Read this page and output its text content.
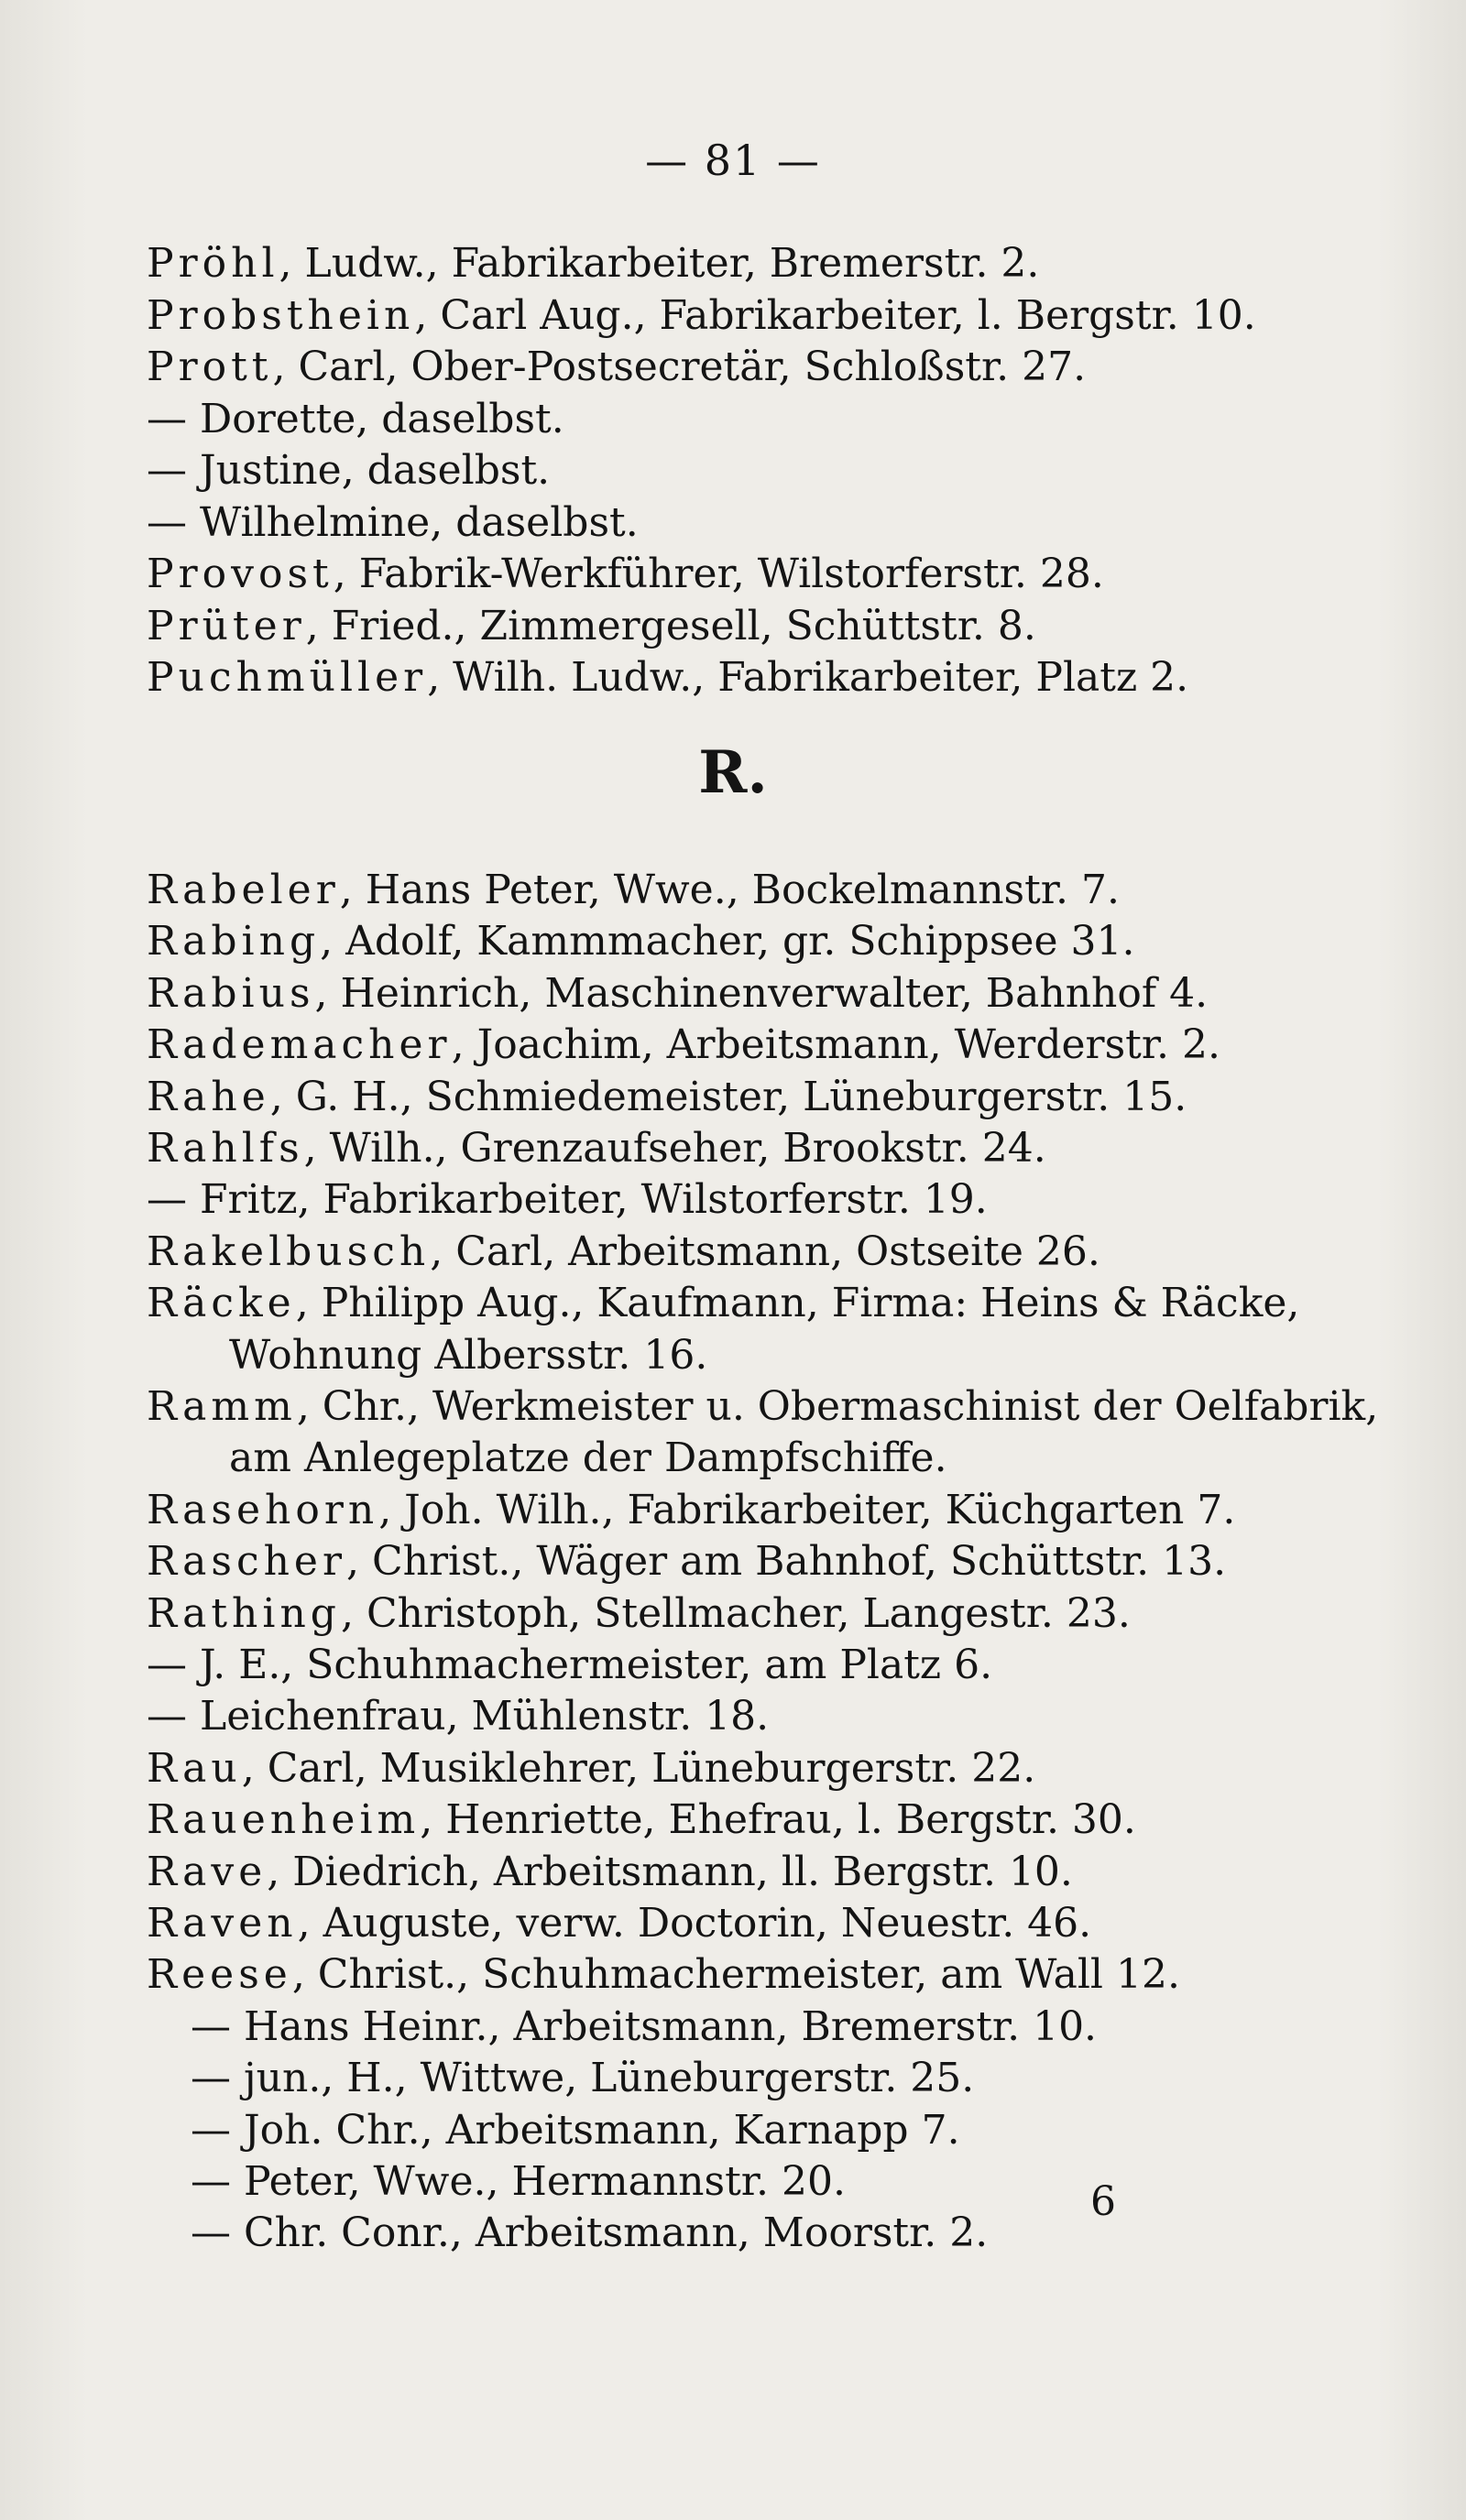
— 81 —
Pröhl, Ludw., Fabrikarbeiter, Bremerstr. 2.
Probsthein, Carl Aug., Fabrikarbeiter, l. Bergstr. 10.
Prott, Carl, Ober-Postsecretär, Schloßstr. 27.
— Dorette, daselbst.
— Justine, daselbst.
— Wilhelmine, daselbst.
Provost, Fabrik-Werkführer, Wilstorferstr. 28.
Prüter, Fried., Zimmergesell, Schüttstr. 8.
Puchmüller, Wilh. Ludw., Fabrikarbeiter, Platz 2.
R.
Rabeler, Hans Peter, Wwe., Bockelmannstr. 7.
Rabing, Adolf, Kammmacher, gr. Schippsee 31.
Rabius, Heinrich, Maschinenverwalter, Bahnhof 4.
Rademacher, Joachim, Arbeitsmann, Werderstr. 2.
Rahe, G. H., Schmiedemeister, Lüneburgerstr. 15.
Rahlfs, Wilh., Grenzaufseher, Brookstr. 24.
— Fritz, Fabrikarbeiter, Wilstorferstr. 19.
Rakelbusch, Carl, Arbeitsmann, Ostseite 26.
Räcke, Philipp Aug., Kaufmann, Firma: Heins & Räcke,
Wohnung Albersstr. 16.
Ramm, Chr., Werkmeister u. Obermaschinist der Oelfabrik,
am Anlegeplatze der Dampfschiffe.
Rasehorn, Joh. Wilh., Fabrikarbeiter, Küchgarten 7.
Rascher, Christ., Wäger am Bahnhof, Schüttstr. 13.
Rathing, Christoph, Stellmacher, Langestr. 23.
— J. E., Schuhmachermeister, am Platz 6.
— Leichenfrau, Mühlenstr. 18.
Rau, Carl, Musiklehrer, Lüneburgerstr. 22.
Rauenheim, Henriette, Ehefrau, l. Bergstr. 30.
Rave, Diedrich, Arbeitsmann, ll. Bergstr. 10.
Raven, Auguste, verw. Doctorin, Neuestr. 46.
Reese, Christ., Schuhmachermeister, am Wall 12.
— Hans Heinr., Arbeitsmann, Bremerstr. 10.
— jun., H., Wittwe, Lüneburgerstr. 25.
— Joh. Chr., Arbeitsmann, Karnapp 7.
— Peter, Wwe., Hermannstr. 20.
— Chr. Conr., Arbeitsmann, Moorstr. 2.
6
